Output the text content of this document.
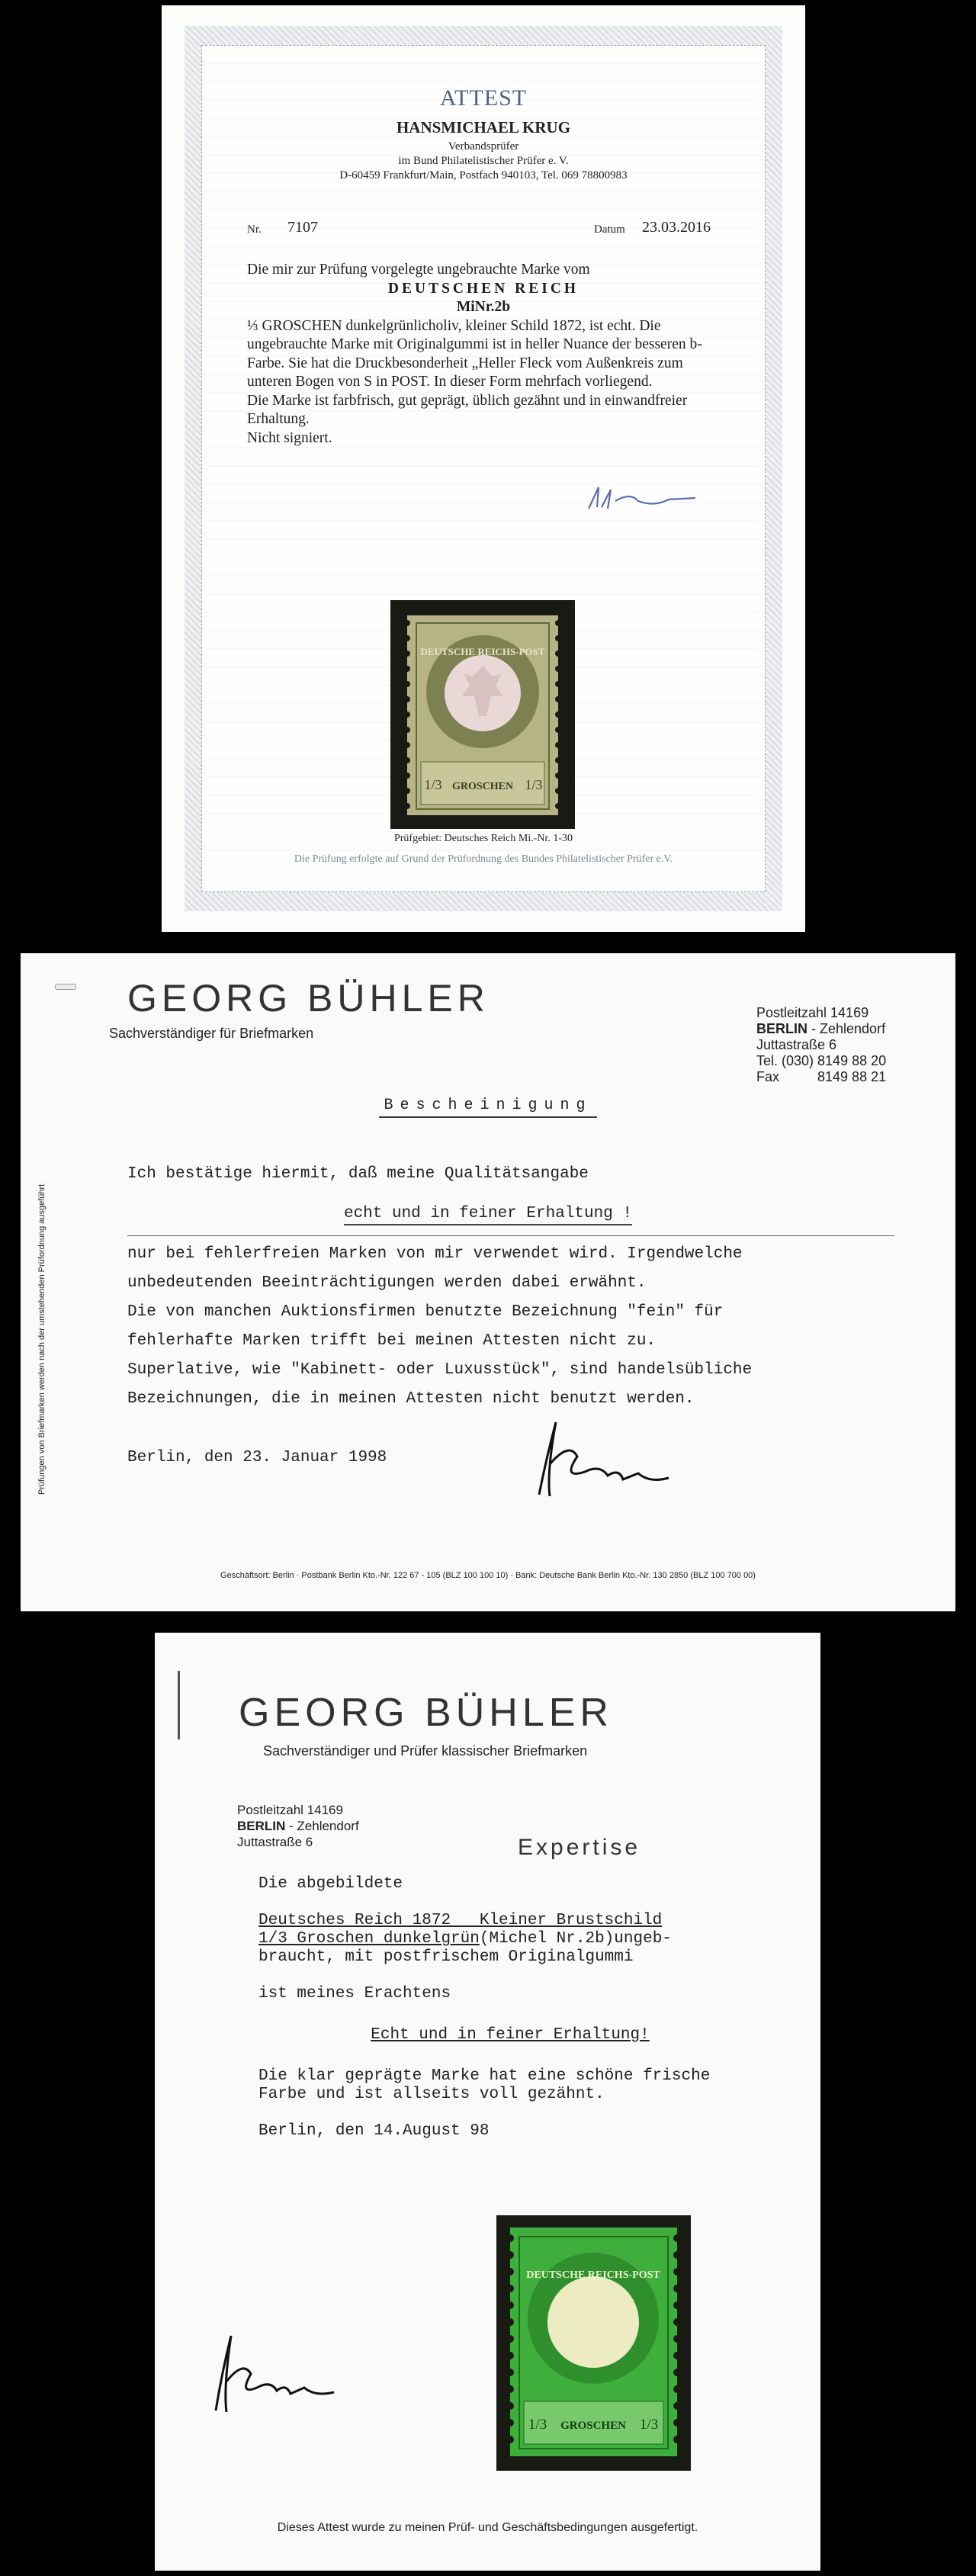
ATTEST
HANSMICHAEL KRUG
Verbandsprüfer
im Bund Philatelistischer Prüfer e. V.
D-60459 Frankfurt/Main, Postfach 940103, Tel. 069 78800983
Nr. 7107	Datum 23.03.2016
Die mir zur Prüfung vorgelegte ungebrauchte Marke vom
DEUTSCHEN REICH
MiNr.2b
⅓ GROSCHEN dunkelgrünlicholiv, kleiner Schild 1872, ist echt. Die ungebrauchte Marke mit Originalgummi ist in heller Nuance der besseren b-Farbe. Sie hat die Druckbesonderheit „Heller Fleck vom Außenkreis zum unteren Bogen von S in POST. In dieser Form mehrfach vorliegend.
Die Marke ist farbfrisch, gut geprägt, üblich gezähnt und in einwandfreier Erhaltung.
Nicht signiert.
DEUTSCHE REICHS-POST
GROSCHEN
1/3	1/3
Prüfgebiet: Deutsches Reich Mi.-Nr. 1-30
Die Prüfung erfolgte auf Grund der Prüfordnung des Bundes Philatelistischer Prüfer e.V.
GEORG BÜHLER
Sachverständiger für Briefmarken
Postleitzahl 14169
BERLIN - Zehlendorf
Juttastraße 6
Tel. (030) 8149 88 20
Fax          8149 88 21
Prüfungen von Briefmarken werden nach der umstehenden Prüfordnung ausgeführt
Bescheinigung
Ich bestätige hiermit, daß meine Qualitätsangabe
echt und in feiner Erhaltung !
nur bei fehlerfreien Marken von mir verwendet wird. Irgendwelche
unbedeutenden Beeinträchtigungen werden dabei erwähnt.
Die von manchen Auktionsfirmen benutzte Bezeichnung "fein" für
fehlerhafte Marken trifft bei meinen Attesten nicht zu.
Superlative, wie "Kabinett- oder Luxusstück", sind handelsübliche
Bezeichnungen, die in meinen Attesten nicht benutzt werden.
Berlin, den 23. Januar 1998
Geschäftsort: Berlin · Postbank Berlin Kto.-Nr. 122 67 - 105 (BLZ 100 100 10) · Bank: Deutsche Bank Berlin Kto.-Nr. 130 2850 (BLZ 100 700 00)
GEORG BÜHLER
Sachverständiger und Prüfer klassischer Briefmarken
Postleitzahl 14169
BERLIN - Zehlendorf
Juttastraße 6	Expertise
Die abgebildete
Deutsches Reich 1872   Kleiner Brustschild
1/3 Groschen dunkelgrün(Michel Nr.2b)ungeb-
braucht, mit postfrischem Originalgummi
ist meines Erachtens
Echt und in feiner Erhaltung!
Die klar geprägte Marke hat eine schöne frische
Farbe und ist allseits voll gezähnt.
Berlin, den 14.August 98
DEUTSCHE REICHS-POST
GROSCHEN
1/3	1/3
Dieses Attest wurde zu meinen Prüf- und Geschäftsbedingungen ausgefertigt.
